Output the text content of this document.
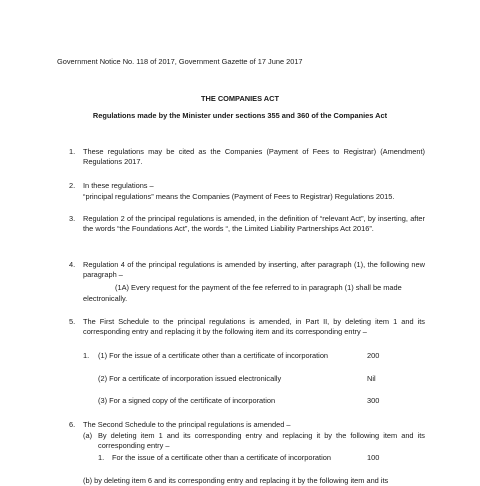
Government Notice No. 118 of 2017, Government Gazette of 17 June 2017
THE COMPANIES ACT
Regulations made by the Minister under sections 355 and 360 of the Companies Act
1. These regulations may be cited as the Companies (Payment of Fees to Registrar) (Amendment) Regulations 2017.
2. In these regulations –
“principal regulations” means the Companies (Payment of Fees to Registrar) Regulations 2015.
3. Regulation 2 of the principal regulations is amended, in the definition of “relevant Act”, by inserting, after the words “the Foundations Act”, the words “, the Limited Liability Partnerships Act 2016”.
4. Regulation 4 of the principal regulations is amended by inserting, after paragraph (1), the following new paragraph –
(1A) Every request for the payment of the fee referred to in paragraph (1) shall be made
electronically.
5. The First Schedule to the principal regulations is amended, in Part II, by deleting item 1 and its corresponding entry and replacing it by the following item and its corresponding entry –
1. (1) For the issue of a certificate other than a certificate of incorporation	200
(2) For a certificate of incorporation issued electronically	Nil
(3) For a signed copy of the certificate of incorporation	300
6. The Second Schedule to the principal regulations is amended –
(a) By deleting item 1 and its corresponding entry and replacing it by the following item and its corresponding entry –
1. For the issue of a certificate other than a certificate of incorporation	100
(b) by deleting item 6 and its corresponding entry and replacing it by the following item and its
